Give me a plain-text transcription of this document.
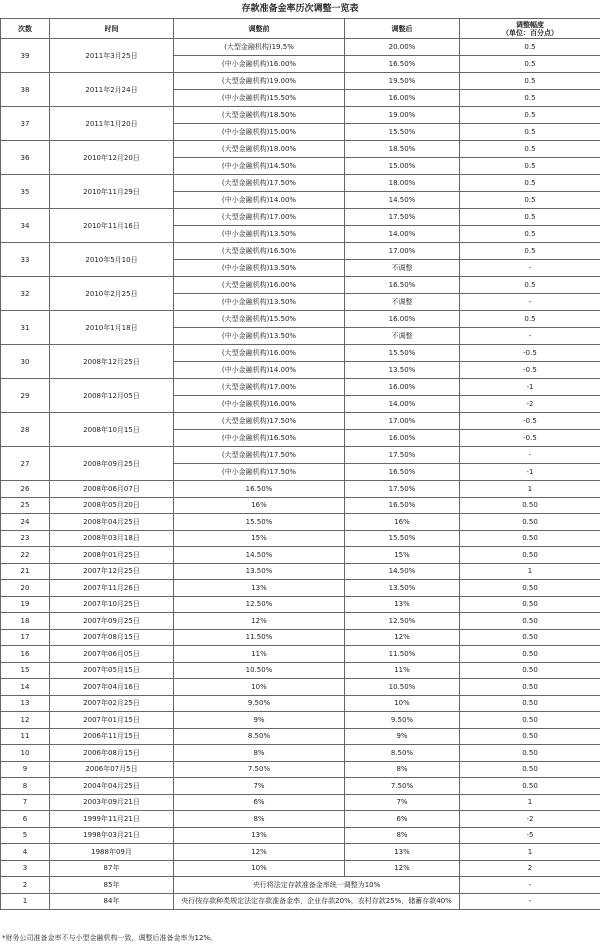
存款准备金率历次调整一览表
次数	时间	调整前	调整后	调整幅度
（单位：百分点）

39	2011年3月25日	(大型金融机构)19.5%	20.00%	0.5
		(中小金融机构)16.00%	16.50%	0.5
38	2011年2月24日	(大型金融机构)19.00%	19.50%	0.5
		(中小金融机构)15.50%	16.00%	0.5
37	2011年1月20日	(大型金融机构)18.50%	19.00%	0.5
		(中小金融机构)15.00%	15.50%	0.5
36	2010年12月20日	(大型金融机构)18.00%	18.50%	0.5
		(中小金融机构)14.50%	15.00%	0.5
35	2010年11月29日	(大型金融机构)17.50%	18.00%	0.5
		(中小金融机构)14.00%	14.50%	0.5
34	2010年11月16日	(大型金融机构)17.00%	17.50%	0.5
		(中小金融机构)13.50%	14.00%	0.5
33	2010年5月10日	(大型金融机构)16.50%	17.00%	0.5
		(中小金融机构)13.50%	不调整	-
32	2010年2月25日	(大型金融机构)16.00%	16.50%	0.5
		(中小金融机构)13.50%	不调整	-
31	2010年1月18日	(大型金融机构)15.50%	16.00%	0.5
		(中小金融机构)13.50%	不调整	-
30	2008年12月25日	(大型金融机构)16.00%	15.50%	-0.5
		(中小金融机构)14.00%	13.50%	-0.5
29	2008年12月05日	(大型金融机构)17.00%	16.00%	-1
		(中小金融机构)16.00%	14.00%	-2
28	2008年10月15日	(大型金融机构)17.50%	17.00%	-0.5
		(中小金融机构)16.50%	16.00%	-0.5
27	2008年09月25日	(大型金融机构)17.50%	17.50%	-
		(中小金融机构)17.50%	16.50%	-1
26	2008年06月07日	16.50%	17.50%	1
25	2008年05月20日	16%	16.50%	0.50
24	2008年04月25日	15.50%	16%	0.50
23	2008年03月18日	15%	15.50%	0.50
22	2008年01月25日	14.50%	15%	0.50
21	2007年12月25日	13.50%	14.50%	1
20	2007年11月26日	13%	13.50%	0.50
19	2007年10月25日	12.50%	13%	0.50
18	2007年09月25日	12%	12.50%	0.50
17	2007年08月15日	11.50%	12%	0.50
16	2007年06月05日	11%	11.50%	0.50
15	2007年05月15日	10.50%	11%	0.50
14	2007年04月16日	10%	10.50%	0.50
13	2007年02月25日	9.50%	10%	0.50
12	2007年01月15日	9%	9.50%	0.50
11	2006年11月15日	8.50%	9%	0.50
10	2006年08月15日	8%	8.50%	0.50
9	2006年07月5日	7.50%	8%	0.50
8	2004年04月25日	7%	7.50%	0.50
7	2003年09月21日	6%	7%	1
6	1999年11月21日	8%	6%	-2
5	1998年03月21日	13%	8%	-5
4	1988年09月	12%	13%	1
3	87年	10%	12%	2
2	85年	央行将法定存款准备金率统一调整为10%		-
1	84年	央行按存款种类规定法定存款准备金率，企业存款20%，农村存款25%，储蓄存款40%		-
*财务公司准备金率不与小型金融机构一致，调整后准备金率为12%。
